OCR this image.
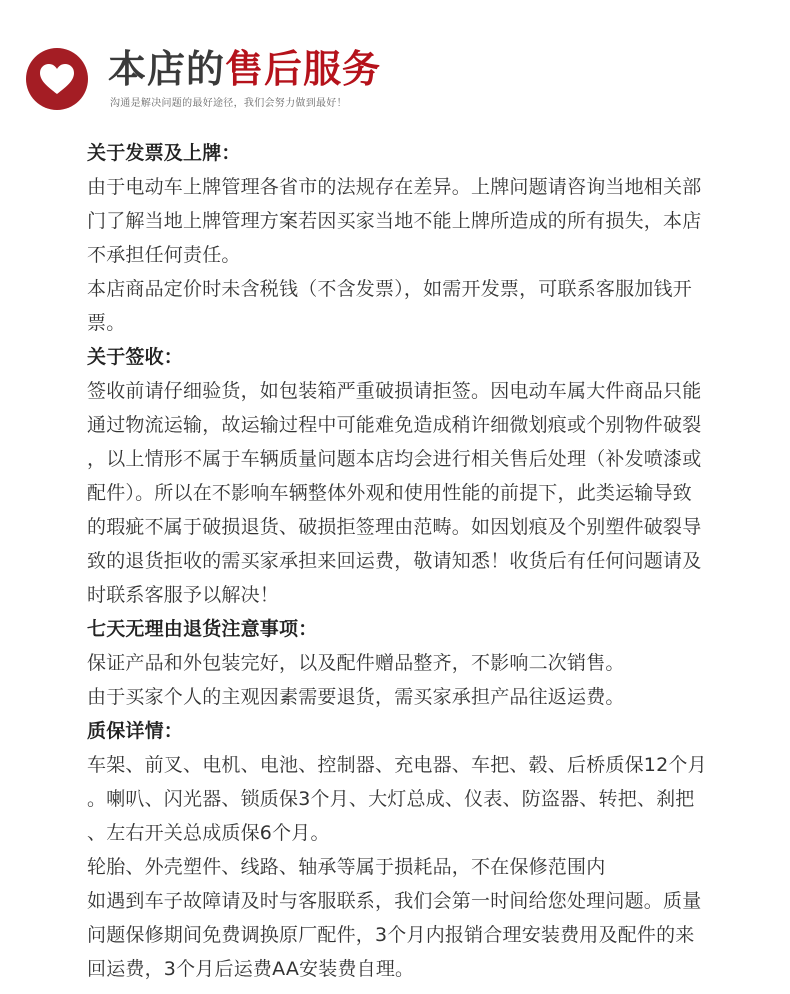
本店的售后服务
沟通是解决问题的最好途径，我们会努力做到最好！
关于发票及上牌：
由于电动车上牌管理各省市的法规存在差异。上牌问题请咨询当地相关部
门了解当地上牌管理方案若因买家当地不能上牌所造成的所有损失，本店
不承担任何责任。
本店商品定价时未含税钱（不含发票），如需开发票，可联系客服加钱开
票。
关于签收：
签收前请仔细验货，如包装箱严重破损请拒签。因电动车属大件商品只能
通过物流运输，故运输过程中可能难免造成稍许细微划痕或个别物件破裂
，以上情形不属于车辆质量问题本店均会进行相关售后处理（补发喷漆或
配件）。所以在不影响车辆整体外观和使用性能的前提下，此类运输导致
的瑕疵不属于破损退货、破损拒签理由范畴。如因划痕及个别塑件破裂导
致的退货拒收的需买家承担来回运费，敬请知悉！收货后有任何问题请及
时联系客服予以解决！
七天无理由退货注意事项：
保证产品和外包装完好，以及配件赠品整齐，不影响二次销售。
由于买家个人的主观因素需要退货，需买家承担产品往返运费。
质保详情：
车架、前叉、电机、电池、控制器、充电器、车把、毂、后桥质保12个月
。喇叭、闪光器、锁质保3个月、大灯总成、仪表、防盗器、转把、刹把
、左右开关总成质保6个月。
轮胎、外壳塑件、线路、轴承等属于损耗品，不在保修范围内
如遇到车子故障请及时与客服联系，我们会第一时间给您处理问题。质量
问题保修期间免费调换原厂配件，3个月内报销合理安装费用及配件的来
回运费，3个月后运费AA安装费自理。
